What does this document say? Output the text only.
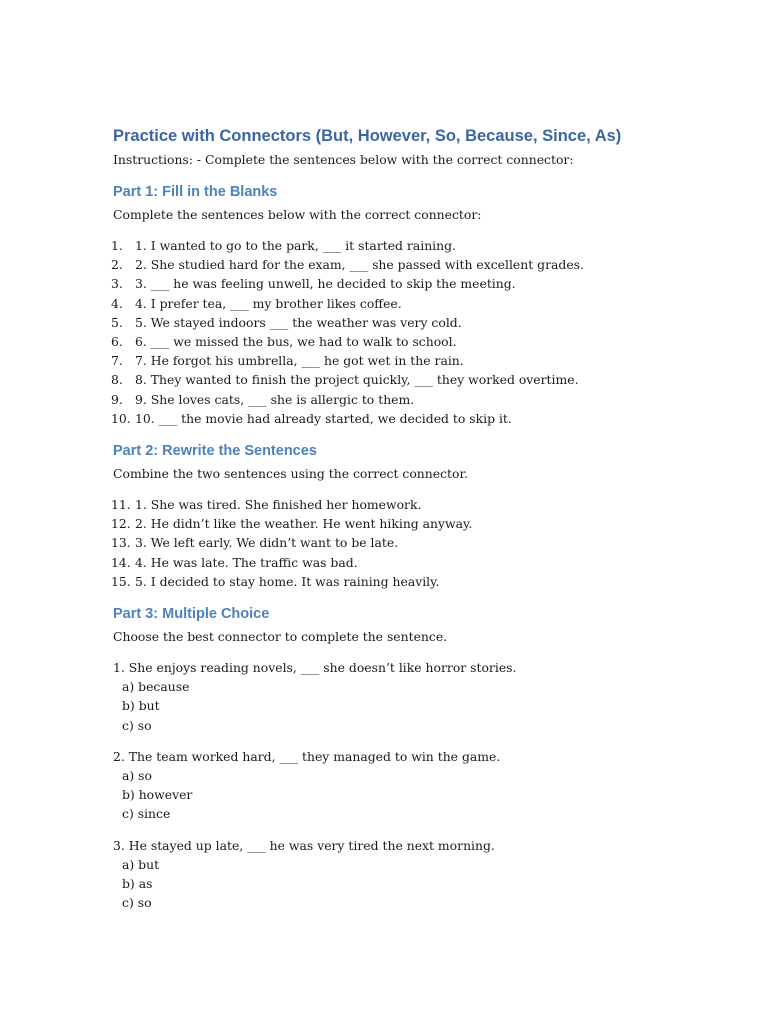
Practice with Connectors (But, However, So, Because, Since, As)

Instructions: - Complete the sentences below with the correct connector:

Part 1: Fill in the Blanks

Complete the sentences below with the correct connector:

1. 1. I wanted to go to the park, ___ it started raining.
2. 2. She studied hard for the exam, ___ she passed with excellent grades.
3. 3. ___ he was feeling unwell, he decided to skip the meeting.
4. 4. I prefer tea, ___ my brother likes coffee.
5. 5. We stayed indoors ___ the weather was very cold.
6. 6. ___ we missed the bus, we had to walk to school.
7. 7. He forgot his umbrella, ___ he got wet in the rain.
8. 8. They wanted to finish the project quickly, ___ they worked overtime.
9. 9. She loves cats, ___ she is allergic to them.
10. 10. ___ the movie had already started, we decided to skip it.
Part 2: Rewrite the Sentences

Combine the two sentences using the correct connector.

11. 1. She was tired. She finished her homework.
12. 2. He didn’t like the weather. He went hiking anyway.
13. 3. We left early. We didn’t want to be late.
14. 4. He was late. The traffic was bad.
15. 5. I decided to stay home. It was raining heavily.
Part 3: Multiple Choice

Choose the best connector to complete the sentence.

1. She enjoys reading novels, ___ she doesn’t like horror stories.
a) because
b) but
c) so
2. The team worked hard, ___ they managed to win the game.
a) so
b) however
c) since
3. He stayed up late, ___ he was very tired the next morning.
a) but
b) as
c) so
